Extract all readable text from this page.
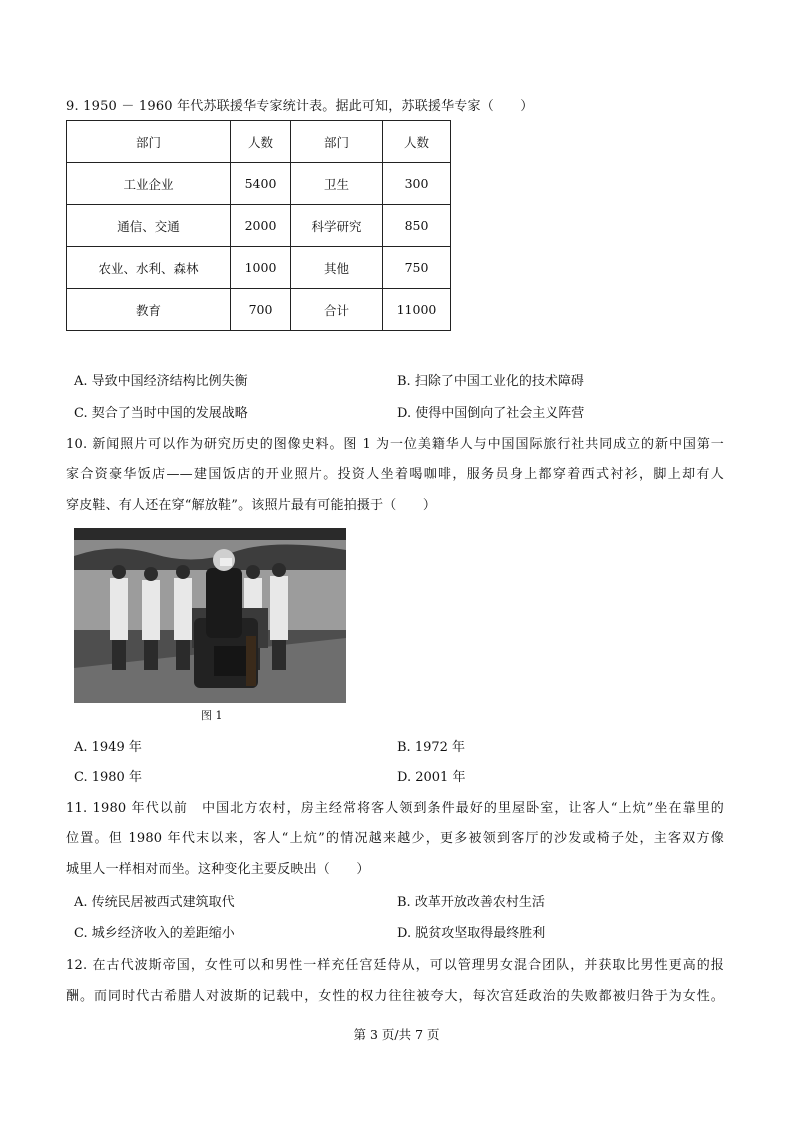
9. 1950 － 1960 年代苏联援华专家统计表。据此可知，苏联援华专家（　　）
部门	人数	部门	人数
工业企业	5400	卫生	300
通信、交通	2000	科学研究	850
农业、水利、森林	1000	其他	750
教育	700	合计	11000
A. 导致中国经济结构比例失衡	B. 扫除了中国工业化的技术障碍
C. 契合了当时中国的发展战略	D. 使得中国倒向了社会主义阵营
10. 新闻照片可以作为研究历史的图像史料。图 1 为一位美籍华人与中国国际旅行社共同成立的新中国第一
家合资豪华饭店——建国饭店的开业照片。投资人坐着喝咖啡，服务员身上都穿着西式衬衫，脚上却有人
穿皮鞋、有人还在穿“解放鞋”。该照片最有可能拍摄于（　　）
图 1
A. 1949 年	B. 1972 年
C. 1980 年	D. 2001 年
11. 1980 年代以前　中国北方农村，房主经常将客人领到条件最好的里屋卧室，让客人“上炕”坐在靠里的
位置。但 1980 年代末以来，客人“上炕”的情况越来越少，更多被领到客厅的沙发或椅子处，主客双方像
城里人一样相对而坐。这种变化主要反映出（　　）
A. 传统民居被西式建筑取代	B. 改革开放改善农村生活
C. 城乡经济收入的差距缩小	D. 脱贫攻坚取得最终胜利
12. 在古代波斯帝国，女性可以和男性一样充任宫廷侍从，可以管理男女混合团队，并获取比男性更高的报
酬。而同时代古希腊人对波斯的记载中，女性的权力往往被夸大，每次宫廷政治的失败都被归咎于为女性。
第 3 页/共 7 页
